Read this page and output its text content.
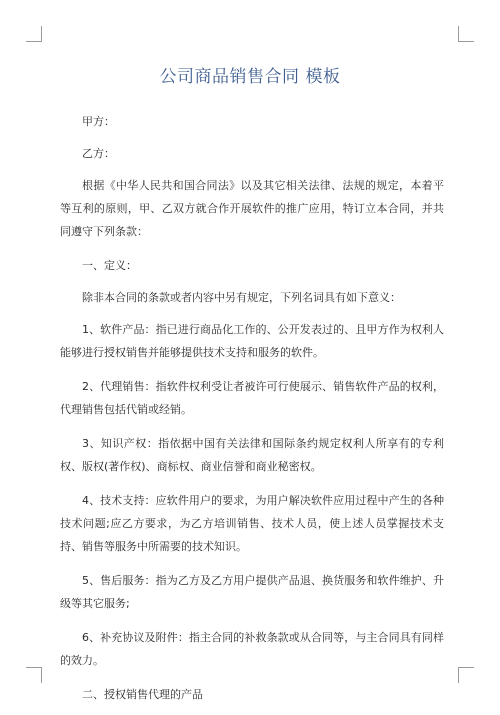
公司商品销售合同 模板

甲方：

乙方：

根据《中华人民共和国合同法》以及其它相关法律、法规的规定，本着平等互利的原则，甲、乙双方就合作开展软件的推广应用，特订立本合同，并共同遵守下列条款：

一、定义：

除非本合同的条款或者内容中另有规定，下列名词具有如下意义：

1、软件产品：指已进行商品化工作的、公开发表过的、且甲方作为权利人能够进行授权销售并能够提供技术支持和服务的软件。

2、代理销售：指软件权利受让者被许可行使展示、销售软件产品的权利，代理销售包括代销或经销。

3、知识产权：指依据中国有关法律和国际条约规定权利人所享有的专利权、版权(著作权)、商标权、商业信誉和商业秘密权。

4、技术支持：应软件用户的要求，为用户解决软件应用过程中产生的各种技术问题;应乙方要求，为乙方培训销售、技术人员，使上述人员掌握技术支持、销售等服务中所需要的技术知识。

5、售后服务：指为乙方及乙方用户提供产品退、换货服务和软件维护、升级等其它服务;

6、补充协议及附件：指主合同的补救条款或从合同等，与主合同具有同样的效力。

二、授权销售代理的产品
